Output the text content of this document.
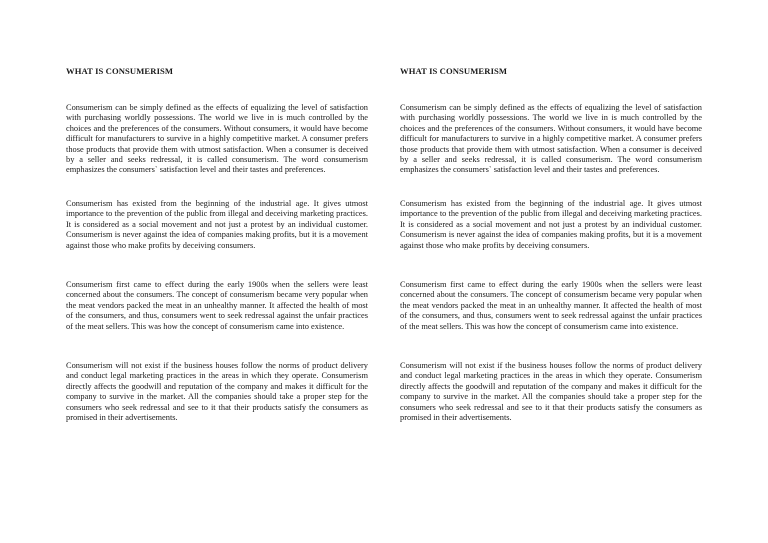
WHAT IS CONSUMERISM

Consumerism can be simply defined as the effects of equalizing the level of satisfaction with purchasing worldly possessions. The world we live in is much controlled by the choices and the preferences of the consumers. Without consumers, it would have become difficult for manufacturers to survive in a highly competitive market. A consumer prefers those products that provide them with utmost satisfaction. When a consumer is deceived by a seller and seeks redressal, it is called consumerism. The word consumerism emphasizes the consumers` satisfaction level and their tastes and preferences.

Consumerism has existed from the beginning of the industrial age. It gives utmost importance to the prevention of the public from illegal and deceiving marketing practices. It is considered as a social movement and not just a protest by an individual customer. Consumerism is never against the idea of companies making profits, but it is a movement against those who make profits by deceiving consumers.

Consumerism first came to effect during the early 1900s when the sellers were least concerned about the consumers. The concept of consumerism became very popular when the meat vendors packed the meat in an unhealthy manner. It affected the health of most of the consumers, and thus, consumers went to seek redressal against the unfair practices of the meat sellers. This was how the concept of consumerism came into existence.

Consumerism will not exist if the business houses follow the norms of product delivery and conduct legal marketing practices in the areas in which they operate. Consumerism directly affects the goodwill and reputation of the company and makes it difficult for the company to survive in the market. All the companies should take a proper step for the consumers who seek redressal and see to it that their products satisfy the consumers as promised in their advertisements.

WHAT IS CONSUMERISM

Consumerism can be simply defined as the effects of equalizing the level of satisfaction with purchasing worldly possessions. The world we live in is much controlled by the choices and the preferences of the consumers. Without consumers, it would have become difficult for manufacturers to survive in a highly competitive market. A consumer prefers those products that provide them with utmost satisfaction. When a consumer is deceived by a seller and seeks redressal, it is called consumerism. The word consumerism emphasizes the consumers` satisfaction level and their tastes and preferences.

Consumerism has existed from the beginning of the industrial age. It gives utmost importance to the prevention of the public from illegal and deceiving marketing practices. It is considered as a social movement and not just a protest by an individual customer. Consumerism is never against the idea of companies making profits, but it is a movement against those who make profits by deceiving consumers.

Consumerism first came to effect during the early 1900s when the sellers were least concerned about the consumers. The concept of consumerism became very popular when the meat vendors packed the meat in an unhealthy manner. It affected the health of most of the consumers, and thus, consumers went to seek redressal against the unfair practices of the meat sellers. This was how the concept of consumerism came into existence.

Consumerism will not exist if the business houses follow the norms of product delivery and conduct legal marketing practices in the areas in which they operate. Consumerism directly affects the goodwill and reputation of the company and makes it difficult for the company to survive in the market. All the companies should take a proper step for the consumers who seek redressal and see to it that their products satisfy the consumers as promised in their advertisements.
